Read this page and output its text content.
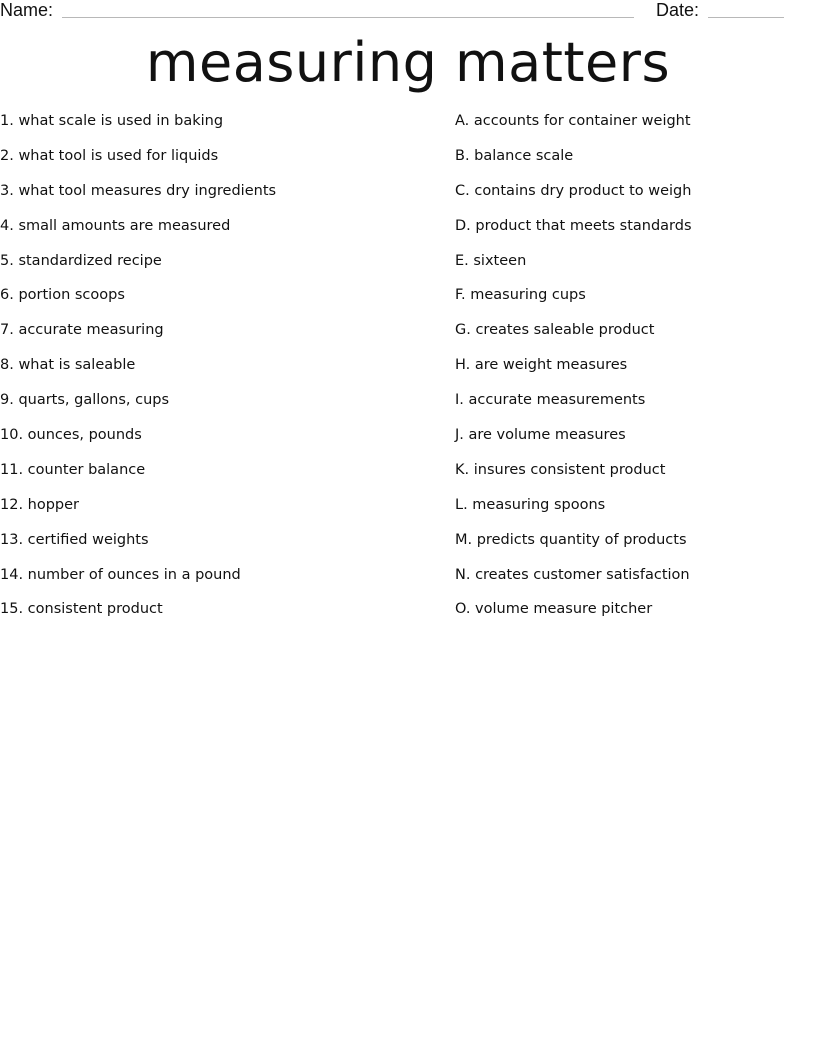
Name:	Date:
measuring matters
1. what scale is used in baking
2. what tool is used for liquids
3. what tool measures dry ingredients
4. small amounts are measured
5. standardized recipe
6. portion scoops
7. accurate measuring
8. what is saleable
9. quarts, gallons, cups
10. ounces, pounds
11. counter balance
12. hopper
13. certified weights
14. number of ounces in a pound
15. consistent product
A. accounts for container weight
B. balance scale
C. contains dry product to weigh
D. product that meets standards
E. sixteen
F. measuring cups
G. creates saleable product
H. are weight measures
I. accurate measurements
J. are volume measures
K. insures consistent product
L. measuring spoons
M. predicts quantity of products
N. creates customer satisfaction
O. volume measure pitcher
